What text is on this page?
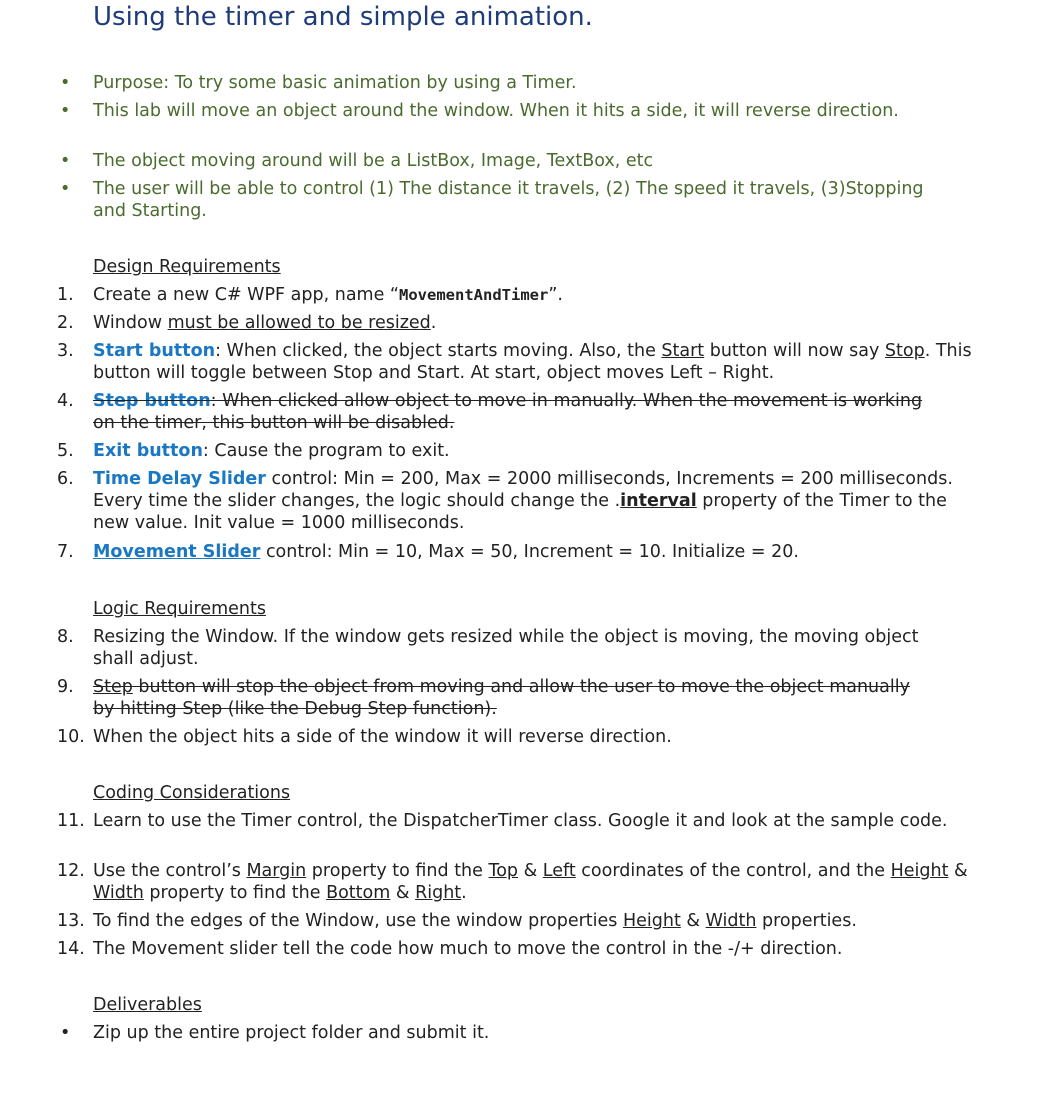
Using the timer and simple animation.
• Purpose: To try some basic animation by using a Timer.
• This lab will move an object around the window. When it hits a side, it will reverse direction.
• The object moving around will be a ListBox, Image, TextBox, etc
• The user will be able to control (1) The distance it travels, (2) The speed it travels, (3)Stopping and Starting.
Design Requirements
1. Create a new C# WPF app, name “MovementAndTimer”.
2. Window must be allowed to be resized.
3. Start button: When clicked, the object starts moving. Also, the Start button will now say Stop. This button will toggle between Stop and Start. At start, object moves Left – Right.
4. Step button: When clicked allow object to move in manually. When the movement is working on the timer, this button will be disabled.
5. Exit button: Cause the program to exit.
6. Time Delay Slider control: Min = 200, Max = 2000 milliseconds, Increments = 200 milliseconds. Every time the slider changes, the logic should change the .interval property of the Timer to the new value. Init value = 1000 milliseconds.
7. Movement Slider control: Min = 10, Max = 50, Increment = 10. Initialize = 20.
Logic Requirements
8. Resizing the Window. If the window gets resized while the object is moving, the moving object shall adjust.
9. Step button will stop the object from moving and allow the user to move the object manually by hitting Step (like the Debug Step function).
10. When the object hits a side of the window it will reverse direction.
Coding Considerations
11. Learn to use the Timer control, the DispatcherTimer class. Google it and look at the sample code.
12. Use the control’s Margin property to find the Top & Left coordinates of the control, and the Height & Width property to find the Bottom & Right.
13. To find the edges of the Window, use the window properties Height & Width properties.
14. The Movement slider tell the code how much to move the control in the -/+ direction.
Deliverables
• Zip up the entire project folder and submit it.
